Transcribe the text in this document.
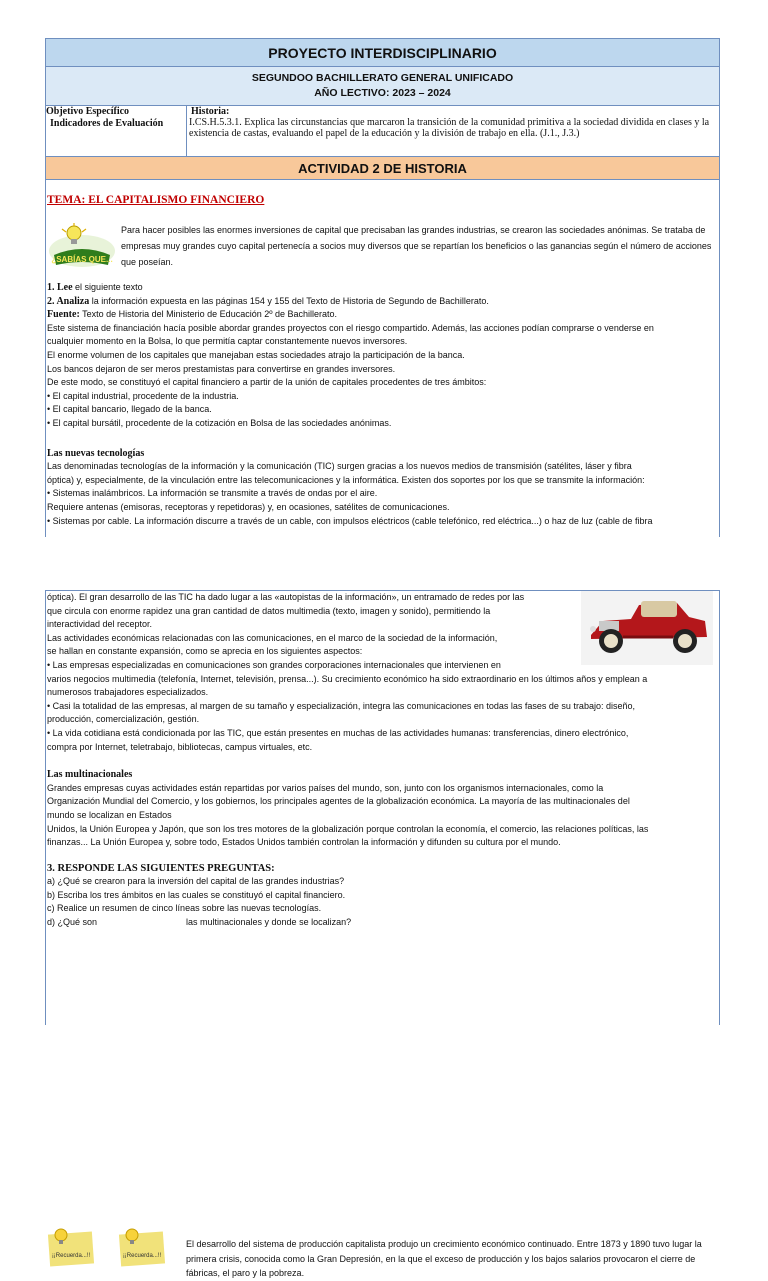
PROYECTO INTERDISCIPLINARIO
SEGUNDOO BACHILLERATO GENERAL UNIFICADO
AÑO LECTIVO: 2023 – 2024
Objetivo Específico
Indicadores de Evaluación
Historia:
I.CS.H.5.3.1. Explica las circunstancias que marcaron la transición de la comunidad primitiva a la sociedad dividida en clases y la existencia de castas, evaluando el papel de la educación y la división de trabajo en ella. (J.1., J.3.)
ACTIVIDAD 2 DE HISTORIA
TEMA: EL CAPITALISMO FINANCIERO
¿SABÍAS QUE...
Para hacer posibles las enormes inversiones de capital que precisaban las grandes industrias, se crearon las sociedades anónimas. Se trataba de empresas muy grandes cuyo capital pertenecía a socios muy diversos que se repartían los beneficios o las ganancias según el número de acciones que poseían.
1. Lee el siguiente texto
2. Analiza la información expuesta en las páginas 154 y 155 del Texto de Historia de Segundo de Bachillerato.
Fuente: Texto de Historia del Ministerio de Educación 2º de Bachillerato.
Este sistema de financiación hacía posible abordar grandes proyectos con el riesgo compartido. Además, las acciones podían comprarse o venderse en
cualquier momento en la Bolsa, lo que permitía captar constantemente nuevos inversores.
El enorme volumen de los capitales que manejaban estas sociedades atrajo la participación de la banca.
Los bancos dejaron de ser meros prestamistas para convertirse en grandes inversores.
De este modo, se constituyó el capital financiero a partir de la unión de capitales procedentes de tres ámbitos:
• El capital industrial, procedente de la industria.
• El capital bancario, llegado de la banca.
• El capital bursátil, procedente de la cotización en Bolsa de las sociedades anónimas.
Las nuevas tecnologías
Las denominadas tecnologías de la información y la comunicación (TIC) surgen gracias a los nuevos medios de transmisión (satélites, láser y fibra
óptica) y, especialmente, de la vinculación entre las telecomunicaciones y la informática. Existen dos soportes por los que se transmite la información:
• Sistemas inalámbricos. La información se transmite a través de ondas por el aire.
Requiere antenas (emisoras, receptoras y repetidoras) y, en ocasiones, satélites de comunicaciones.
• Sistemas por cable. La información discurre a través de un cable, con impulsos eléctricos (cable telefónico, red eléctrica...) o haz de luz (cable de fibra
óptica). El gran desarrollo de las TIC ha dado lugar a las «autopistas de la información», un entramado de redes por las
que circula con enorme rapidez una gran cantidad de datos multimedia (texto, imagen y sonido), permitiendo la
interactividad del receptor.
Las actividades económicas relacionadas con las comunicaciones, en el marco de la sociedad de la información,
se hallan en constante expansión, como se aprecia en los siguientes aspectos:
• Las empresas especializadas en comunicaciones son grandes corporaciones internacionales que intervienen en
varios negocios multimedia (telefonía, Internet, televisión, prensa...). Su crecimiento económico ha sido extraordinario en los últimos años y emplean a
numerosos trabajadores especializados.
• Casi la totalidad de las empresas, al margen de su tamaño y especialización, integra las comunicaciones en todas las fases de su trabajo: diseño,
producción, comercialización, gestión.
• La vida cotidiana está condicionada por las TIC, que están presentes en muchas de las actividades humanas: transferencias, dinero electrónico,
compra por Internet, teletrabajo, bibliotecas, campus virtuales, etc.
Las multinacionales
Grandes empresas cuyas actividades están repartidas por varios países del mundo, son, junto con los organismos internacionales, como la
Organización Mundial del Comercio, y los gobiernos, los principales agentes de la globalización económica. La mayoría de las multinacionales del
mundo se localizan en Estados
Unidos, la Unión Europea y Japón, que son los tres motores de la globalización porque controlan la economía, el comercio, las relaciones políticas, las
finanzas... La Unión Europea y, sobre todo, Estados Unidos también controlan la información y difunden su cultura por el mundo.
3. RESPONDE LAS SIGUIENTES PREGUNTAS:
a) ¿Qué se crearon para la inversión del capital de las grandes industrias?
b) Escriba los tres ámbitos en las cuales se constituyó el capital financiero.
c) Realice un resumen de cinco líneas sobre las nuevas tecnologías.
d) ¿Qué son	las multinacionales y donde se localizan?
¡¡Recuerda...!!	¡¡Recuerda...!!
El desarrollo del sistema de producción capitalista produjo un crecimiento económico continuado. Entre 1873 y 1890 tuvo lugar la primera crisis, conocida como la Gran Depresión, en la que el exceso de producción y los bajos salarios provocaron el cierre de fábricas, el paro y la pobreza.
